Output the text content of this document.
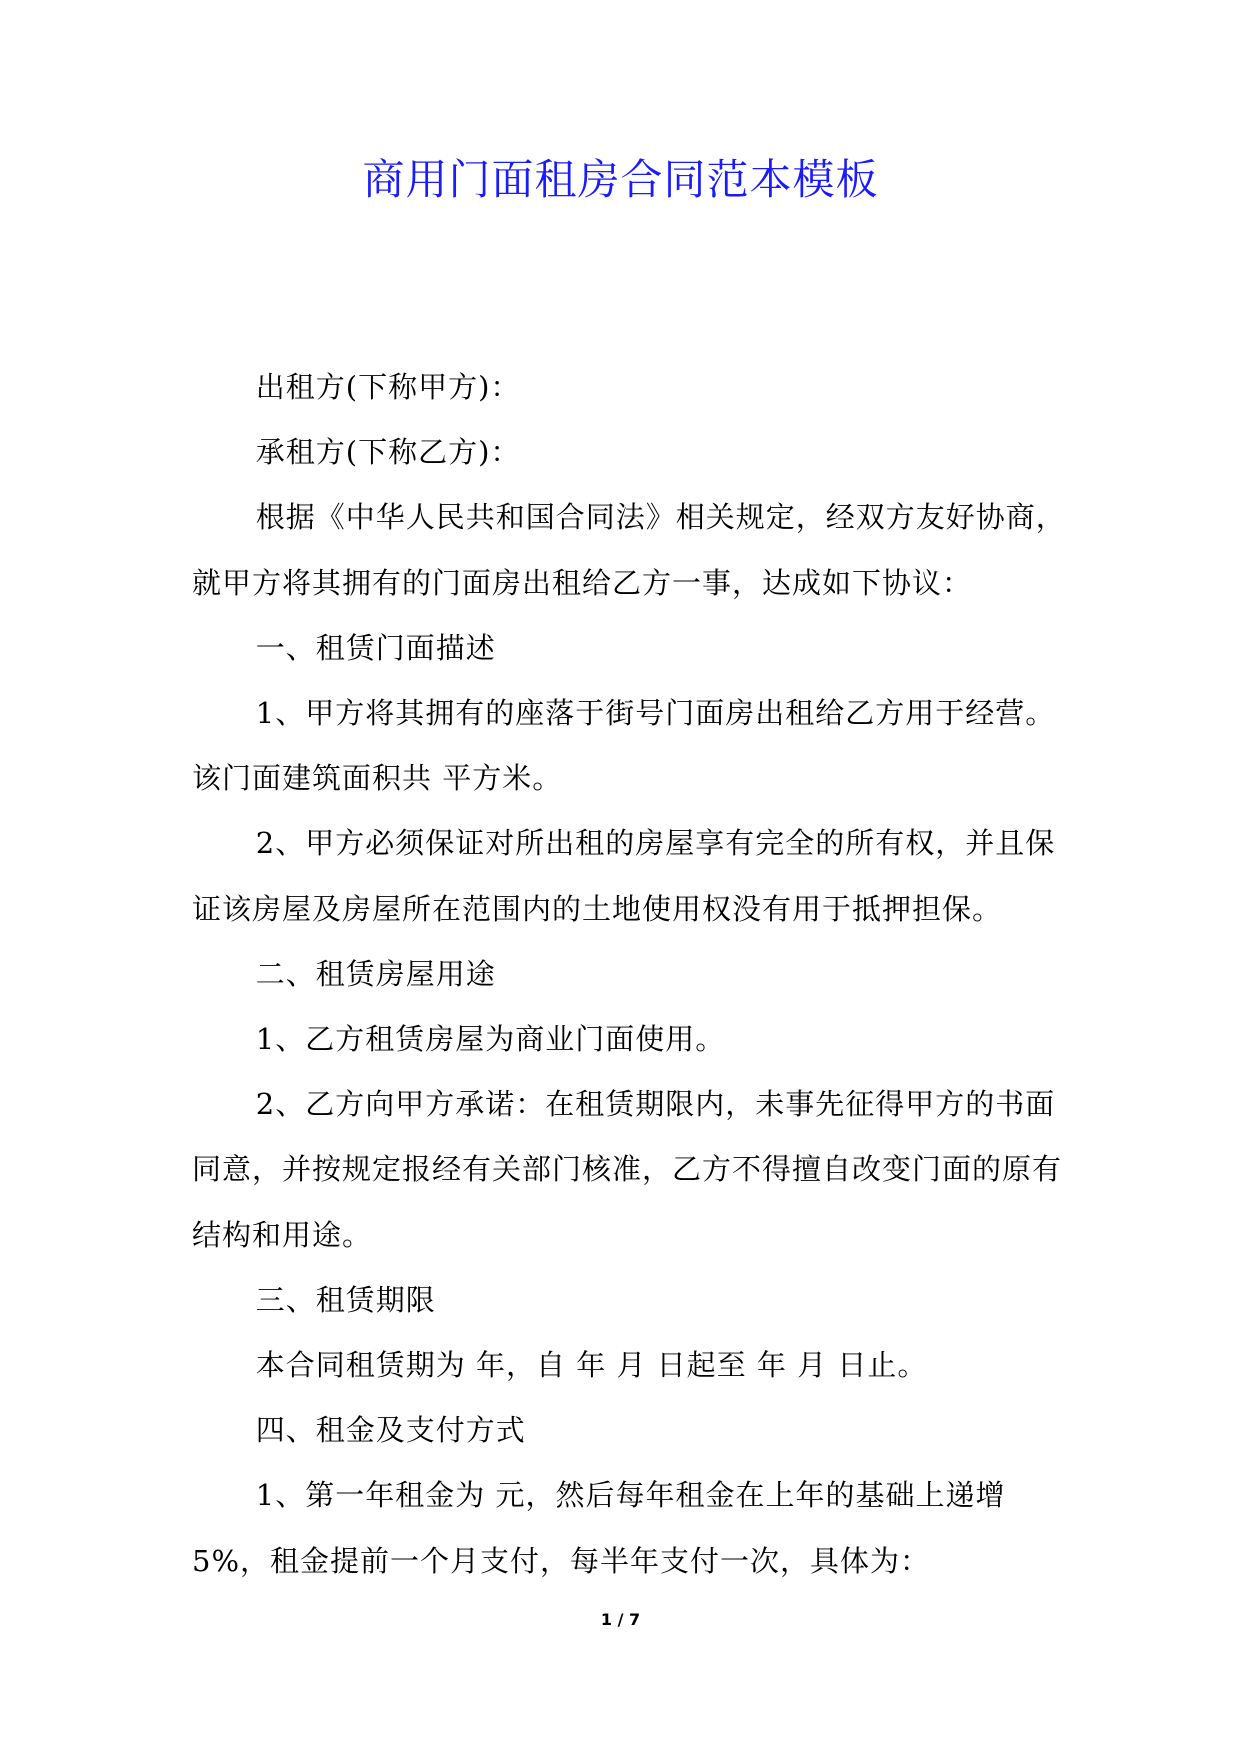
商用门面租房合同范本模板

出租方(下称甲方)：

承租方(下称乙方)：

根据《中华人民共和国合同法》相关规定，经双方友好协商，就甲方将其拥有的门面房出租给乙方一事，达成如下协议：

一、租赁门面描述

1、甲方将其拥有的座落于街号门面房出租给乙方用于经营。该门面建筑面积共 平方米。

2、甲方必须保证对所出租的房屋享有完全的所有权，并且保证该房屋及房屋所在范围内的土地使用权没有用于抵押担保。

二、租赁房屋用途

1、乙方租赁房屋为商业门面使用。

2、乙方向甲方承诺：在租赁期限内，未事先征得甲方的书面同意，并按规定报经有关部门核准，乙方不得擅自改变门面的原有结构和用途。

三、租赁期限

本合同租赁期为 年，自 年 月 日起至 年 月 日止。

四、租金及支付方式

1、第一年租金为 元，然后每年租金在上年的基础上递增5%，租金提前一个月支付，每半年支付一次，具体为：

1 / 7
